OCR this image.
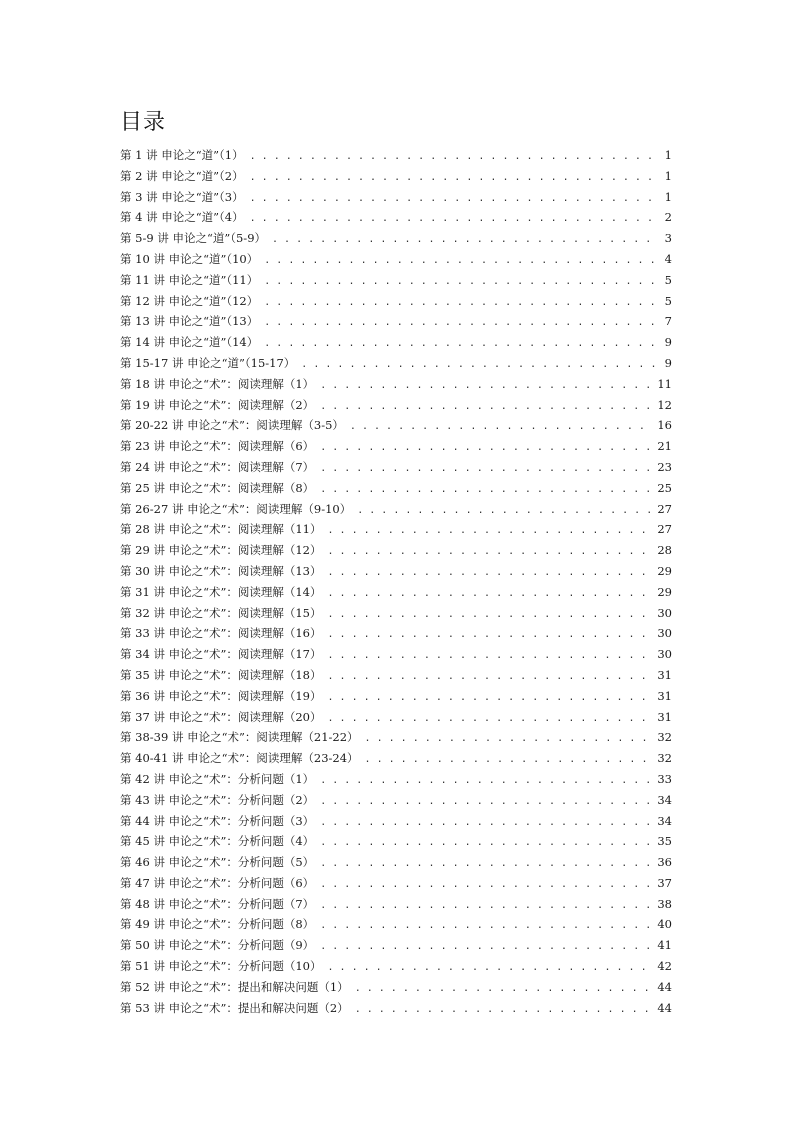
目录
第 1 讲 申论之“道”（1） . . .	1
第 2 讲 申论之“道”（2） . . .	1
第 3 讲 申论之“道”（3） . . .	1
第 4 讲 申论之“道”（4） . . .	2
第 5-9 讲 申论之“道”（5-9） . . .	3
第 10 讲 申论之“道”（10） . . .	4
第 11 讲 申论之“道”（11） . . .	5
第 12 讲 申论之“道”（12） . . .	5
第 13 讲 申论之“道”（13） . . .	7
第 14 讲 申论之“道”（14） . . .	9
第 15-17 讲 申论之“道”（15-17） . . .	9
第 18 讲 申论之“术”：阅读理解（1） . . .	11
第 19 讲 申论之“术”：阅读理解（2） . . .	12
第 20-22 讲 申论之“术”：阅读理解（3-5） . . .	16
第 23 讲 申论之“术”：阅读理解（6） . . .	21
第 24 讲 申论之“术”：阅读理解（7） . . .	23
第 25 讲 申论之“术”：阅读理解（8） . . .	25
第 26-27 讲 申论之“术”：阅读理解（9-10） . . .	27
第 28 讲 申论之“术”：阅读理解（11） . . .	27
第 29 讲 申论之“术”：阅读理解（12） . . .	28
第 30 讲 申论之“术”：阅读理解（13） . . .	29
第 31 讲 申论之“术”：阅读理解（14） . . .	29
第 32 讲 申论之“术”：阅读理解（15） . . .	30
第 33 讲 申论之“术”：阅读理解（16） . . .	30
第 34 讲 申论之“术”：阅读理解（17） . . .	30
第 35 讲 申论之“术”：阅读理解（18） . . .	31
第 36 讲 申论之“术”：阅读理解（19） . . .	31
第 37 讲 申论之“术”：阅读理解（20） . . .	31
第 38-39 讲 申论之“术”：阅读理解（21-22） . . .	32
第 40-41 讲 申论之“术”：阅读理解（23-24） . . .	32
第 42 讲 申论之“术”：分析问题（1） . . .	33
第 43 讲 申论之“术”：分析问题（2） . . .	34
第 44 讲 申论之“术”：分析问题（3） . . .	34
第 45 讲 申论之“术”：分析问题（4） . . .	35
第 46 讲 申论之“术”：分析问题（5） . . .	36
第 47 讲 申论之“术”：分析问题（6） . . .	37
第 48 讲 申论之“术”：分析问题（7） . . .	38
第 49 讲 申论之“术”：分析问题（8） . . .	40
第 50 讲 申论之“术”：分析问题（9） . . .	41
第 51 讲 申论之“术”：分析问题（10） . . .	42
第 52 讲 申论之“术”：提出和解决问题（1） . . .	44
第 53 讲 申论之“术”：提出和解决问题（2） . . .	44
